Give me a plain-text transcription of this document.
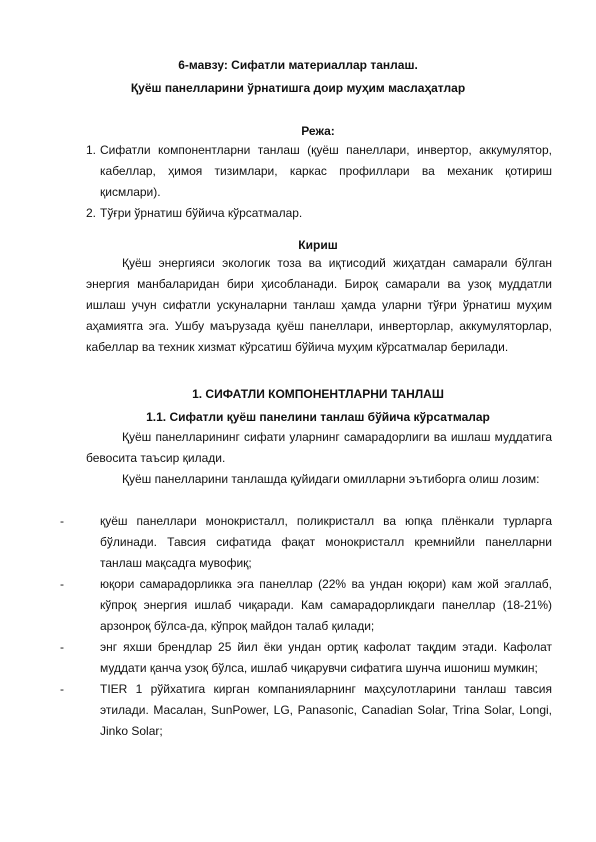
6-мавзу: Сифатли материаллар танлаш.
Қуёш панелларини ўрнатишга доир муҳим маслаҳатлар
Режа:
1. Сифатли компонентларни танлаш (қуёш панеллари, инвертор, аккумулятор, кабеллар, ҳимоя тизимлари, каркас профиллари ва механик қотириш қисмлари).
2. Тўғри ўрнатиш бўйича кўрсатмалар.
Кириш
Қуёш энергияси экологик тоза ва иқтисодий жиҳатдан самарали бўлган энергия манбаларидан бири ҳисобланади. Бироқ самарали ва узоқ муддатли ишлаш учун сифатли ускуналарни танлаш ҳамда уларни тўғри ўрнатиш муҳим аҳамиятга эга. Ушбу маърузада қуёш панеллари, инверторлар, аккумуляторлар, кабеллар ва техник хизмат кўрсатиш бўйича муҳим кўрсатмалар берилади.
1. СИФАТЛИ КОМПОНЕНТЛАРНИ ТАНЛАШ
1.1. Сифатли қуёш панелини танлаш бўйича кўрсатмалар
Қуёш панелларининг сифати уларнинг самарадорлиги ва ишлаш муддатига бевосита таъсир қилади.
Қуёш панелларини танлашда қуйидаги омилларни эътиборга олиш лозим:
-	қуёш панеллари монокристалл, поликристалл ва юпқа плёнкали турларга бўлинади. Тавсия сифатида фақат монокристалл кремнийли панелларни танлаш мақсадга мувофиқ;
-	юқори самарадорликка эга панеллар (22% ва ундан юқори) кам жой эгаллаб, кўпроқ энергия ишлаб чиқаради. Кам самарадорликдаги панеллар (18-21%) арзонроқ бўлса-да, кўпроқ майдон талаб қилади;
-	энг яхши брендлар 25 йил ёки ундан ортиқ кафолат тақдим этади. Кафолат муддати қанча узоқ бўлса, ишлаб чиқарувчи сифатига шунча ишониш мумкин;
-	TIER 1 рўйхатига кирган компанияларнинг маҳсулотларини танлаш тавсия этилади. Масалан, SunPower, LG, Panasonic, Canadian Solar, Trina Solar, Longi, Jinko Solar;
